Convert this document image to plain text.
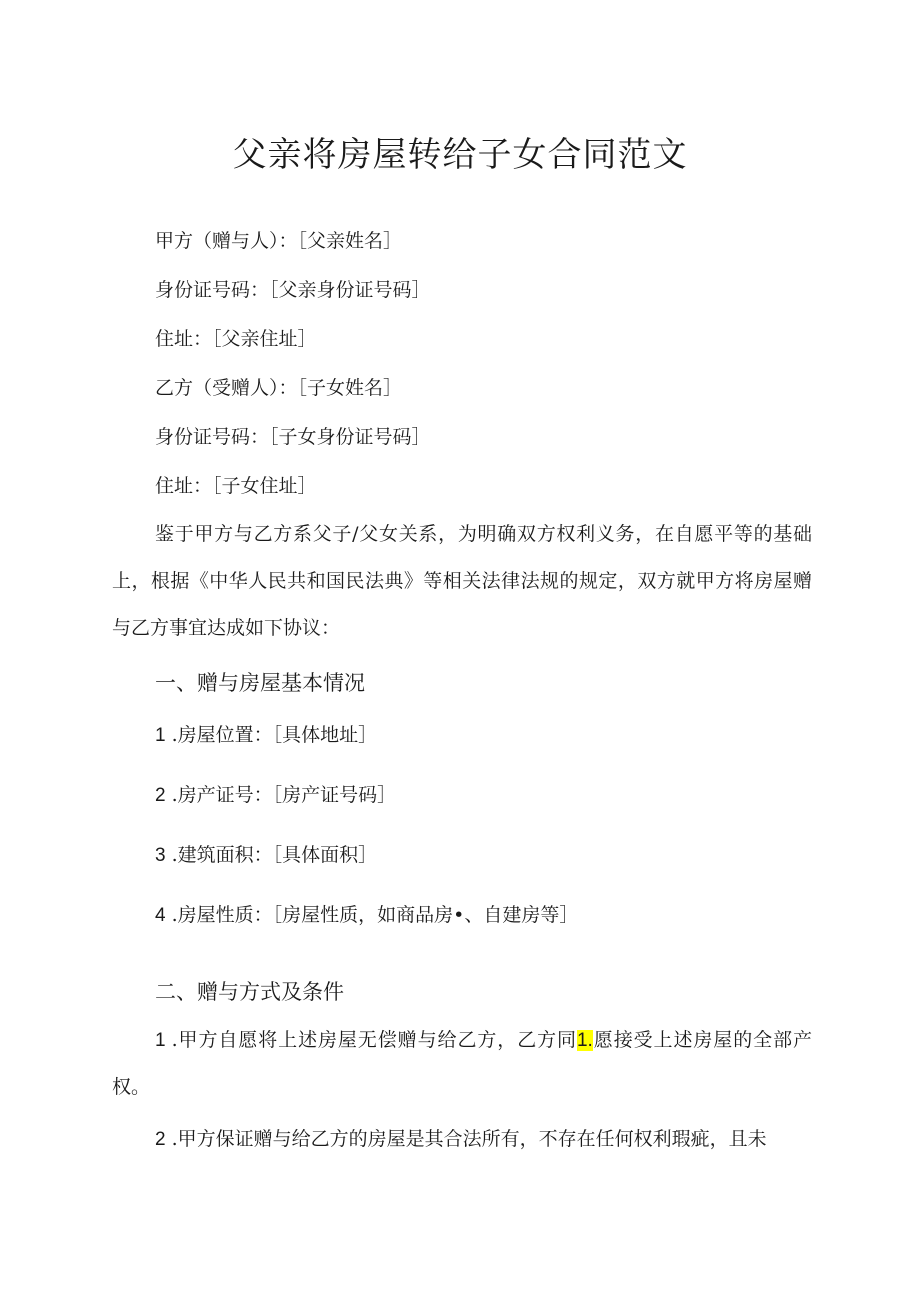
父亲将房屋转给子女合同范文
甲方（赠与人）：［父亲姓名］
身份证号码：［父亲身份证号码］
住址：［父亲住址］
乙方（受赠人）：［子女姓名］
身份证号码：［子女身份证号码］
住址：［子女住址］
鉴于甲方与乙方系父子/父女关系，为明确双方权利义务，在自愿平等的基础上，根据《中华人民共和国民法典》等相关法律法规的规定，双方就甲方将房屋赠与乙方事宜达成如下协议：
一、赠与房屋基本情况
1 .房屋位置：［具体地址］
2 .房产证号：［房产证号码］
3 .建筑面积：［具体面积］
4 .房屋性质：［房屋性质，如商品房•、自建房等］
二、赠与方式及条件
1 .甲方自愿将上述房屋无偿赠与给乙方，乙方同1.愿接受上述房屋的全部产权。
2 .甲方保证赠与给乙方的房屋是其合法所有，不存在任何权利瑕疵，且未
